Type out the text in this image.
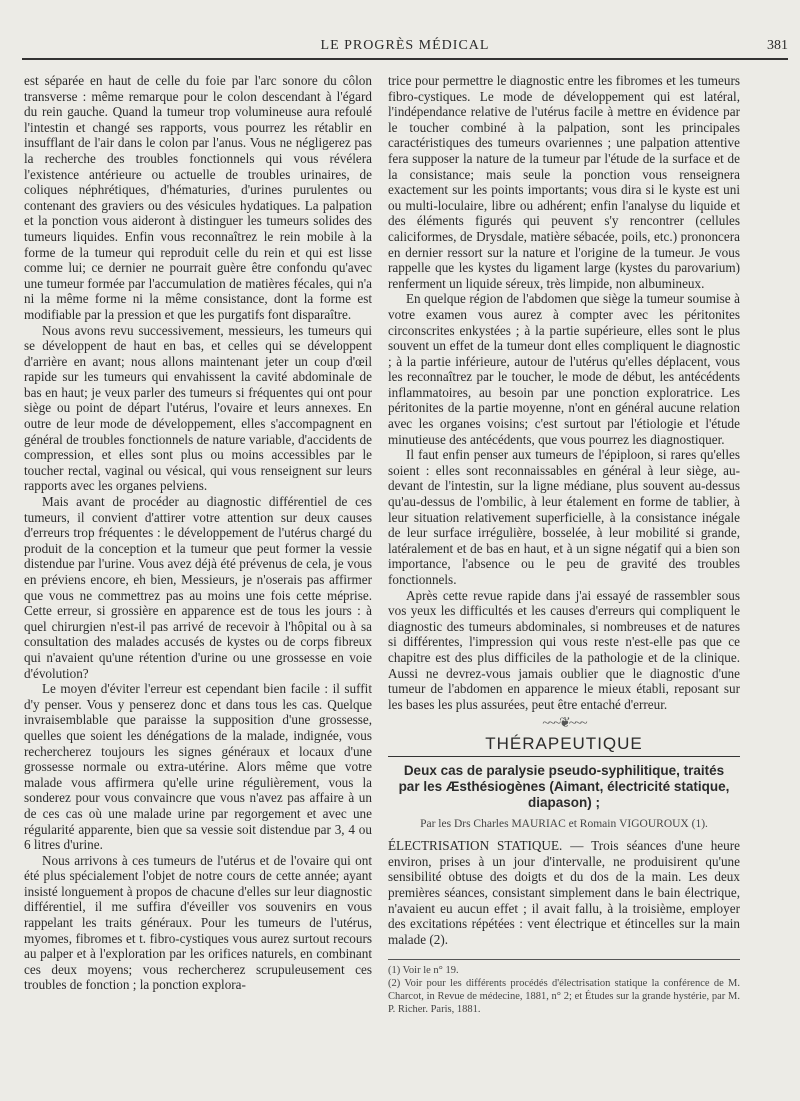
LE PROGRÈS MÉDICAL	381

est séparée en haut de celle du foie par l'arc sonore du côlon transverse : même remarque pour le colon descendant à l'égard du rein gauche. Quand la tumeur trop volumineuse aura refoulé l'intestin et changé ses rapports, vous pourrez les rétablir en insufflant de l'air dans le colon par l'anus. Vous ne négligerez pas la recherche des troubles fonctionnels qui vous révélera l'existence antérieure ou actuelle de troubles urinaires, de coliques néphrétiques, d'hématuries, d'urines purulentes ou contenant des graviers ou des vésicules hydatiques. La palpation et la ponction vous aideront à distinguer les tumeurs solides des tumeurs liquides. Enfin vous reconnaîtrez le rein mobile à la forme de la tumeur qui reproduit celle du rein et qui est lisse comme lui; ce dernier ne pourrait guère être confondu qu'avec une tumeur formée par l'accumulation de matières fécales, qui n'a ni la même forme ni la même consistance, dont la forme est modifiable par la pression et que les purgatifs font disparaître.

Nous avons revu successivement, messieurs, les tumeurs qui se développent de haut en bas, et celles qui se développent d'arrière en avant; nous allons maintenant jeter un coup d'œil rapide sur les tumeurs qui envahissent la cavité abdominale de bas en haut; je veux parler des tumeurs si fréquentes qui ont pour siège ou point de départ l'utérus, l'ovaire et leurs annexes. En outre de leur mode de développement, elles s'accompagnent en général de troubles fonctionnels de nature variable, d'accidents de compression, et elles sont plus ou moins accessibles par le toucher rectal, vaginal ou vésical, qui vous renseignent sur leurs rapports avec les organes pelviens.

Mais avant de procéder au diagnostic différentiel de ces tumeurs, il convient d'attirer votre attention sur deux causes d'erreurs trop fréquentes : le développement de l'utérus chargé du produit de la conception et la tumeur que peut former la vessie distendue par l'urine. Vous avez déjà été prévenus de cela, je vous en préviens encore, eh bien, Messieurs, je n'oserais pas affirmer que vous ne commettrez pas au moins une fois cette méprise. Cette erreur, si grossière en apparence est de tous les jours : à quel chirurgien n'est-il pas arrivé de recevoir à l'hôpital ou à sa consultation des malades accusés de kystes ou de corps fibreux qui n'avaient qu'une rétention d'urine ou une grossesse en voie d'évolution?

Le moyen d'éviter l'erreur est cependant bien facile : il suffit d'y penser. Vous y penserez donc et dans tous les cas. Quelque invraisemblable que paraisse la supposition d'une grossesse, quelles que soient les dénégations de la malade, indignée, vous rechercherez toujours les signes généraux et locaux d'une grossesse normale ou extra-utérine. Alors même que votre malade vous affirmera qu'elle urine régulièrement, vous la sonderez pour vous convaincre que vous n'avez pas affaire à un de ces cas où une malade urine par regorgement et avec une régularité apparente, bien que sa vessie soit distendue par 3, 4 ou 6 litres d'urine.

Nous arrivons à ces tumeurs de l'utérus et de l'ovaire qui ont été plus spécialement l'objet de notre cours de cette année; ayant insisté longuement à propos de chacune d'elles sur leur diagnostic différentiel, il me suffira d'éveiller vos souvenirs en vous rappelant les traits généraux. Pour les tumeurs de l'utérus, myomes, fibromes et t. fibro-cystiques vous aurez surtout recours au palper et à l'exploration par les orifices naturels, en combinant ces deux moyens; vous rechercherez scrupuleusement ces troubles de fonction ; la ponction explora-

trice pour permettre le diagnostic entre les fibromes et les tumeurs fibro-cystiques. Le mode de développement qui est latéral, l'indépendance relative de l'utérus facile à mettre en évidence par le toucher combiné à la palpation, sont les principales caractéristiques des tumeurs ovariennes ; une palpation attentive fera supposer la nature de la tumeur par l'étude de la surface et de la consistance; mais seule la ponction vous renseignera exactement sur les points importants; vous dira si le kyste est uni ou multi-loculaire, libre ou adhérent; enfin l'analyse du liquide et des éléments figurés qui peuvent s'y rencontrer (cellules caliciformes, de Drysdale, matière sébacée, poils, etc.) prononcera en dernier ressort sur la nature et l'origine de la tumeur. Je vous rappelle que les kystes du ligament large (kystes du parovarium) renferment un liquide séreux, très limpide, non albumineux.

En quelque région de l'abdomen que siège la tumeur soumise à votre examen vous aurez à compter avec les péritonites circonscrites enkystées ; à la partie supérieure, elles sont le plus souvent un effet de la tumeur dont elles compliquent le diagnostic ; à la partie inférieure, autour de l'utérus qu'elles déplacent, vous les reconnaîtrez par le toucher, le mode de début, les antécédents inflammatoires, au besoin par une ponction exploratrice. Les péritonites de la partie moyenne, n'ont en général aucune relation avec les organes voisins; c'est surtout par l'étiologie et l'étude minutieuse des antécédents, que vous pourrez les diagnostiquer.

Il faut enfin penser aux tumeurs de l'épiploon, si rares qu'elles soient : elles sont reconnaissables en général à leur siège, au-devant de l'intestin, sur la ligne médiane, plus souvent au-dessus qu'au-dessus de l'ombilic, à leur étalement en forme de tablier, à leur situation relativement superficielle, à la consistance inégale de leur surface irrégulière, bosselée, à leur mobilité si grande, latéralement et de bas en haut, et à un signe négatif qui a bien son importance, l'absence ou le peu de gravité des troubles fonctionnels.

Après cette revue rapide dans j'ai essayé de rassembler sous vos yeux les difficultés et les causes d'erreurs qui compliquent le diagnostic des tumeurs abdominales, si nombreuses et de natures si différentes, l'impression qui vous reste n'est-elle pas que ce chapitre est des plus difficiles de la pathologie et de la clinique. Aussi ne devrez-vous jamais oublier que le diagnostic d'une tumeur de l'abdomen en apparence le mieux établi, reposant sur les bases les plus assurées, peut être entaché d'erreur.

~~~❦~~~
THÉRAPEUTIQUE
Deux cas de paralysie pseudo-syphilitique, traités par les Æsthésiogènes (Aimant, électricité statique, diapason) ;
Par les Drs Charles MAURIAC et Romain VIGOUROUX (1).

ÉLECTRISATION STATIQUE. — Trois séances d'une heure environ, prises à un jour d'intervalle, ne produisirent qu'une sensibilité obtuse des doigts et du dos de la main. Les deux premières séances, consistant simplement dans le bain électrique, n'avaient eu aucun effet ; il avait fallu, à la troisième, employer des excitations répétées : vent électrique et étincelles sur la main malade (2).

(1) Voir le n° 19.
(2) Voir pour les différents procédés d'électrisation statique la conférence de M. Charcot, in Revue de médecine, 1881, n° 2; et Études sur la grande hystérie, par M. P. Richer. Paris, 1881.
